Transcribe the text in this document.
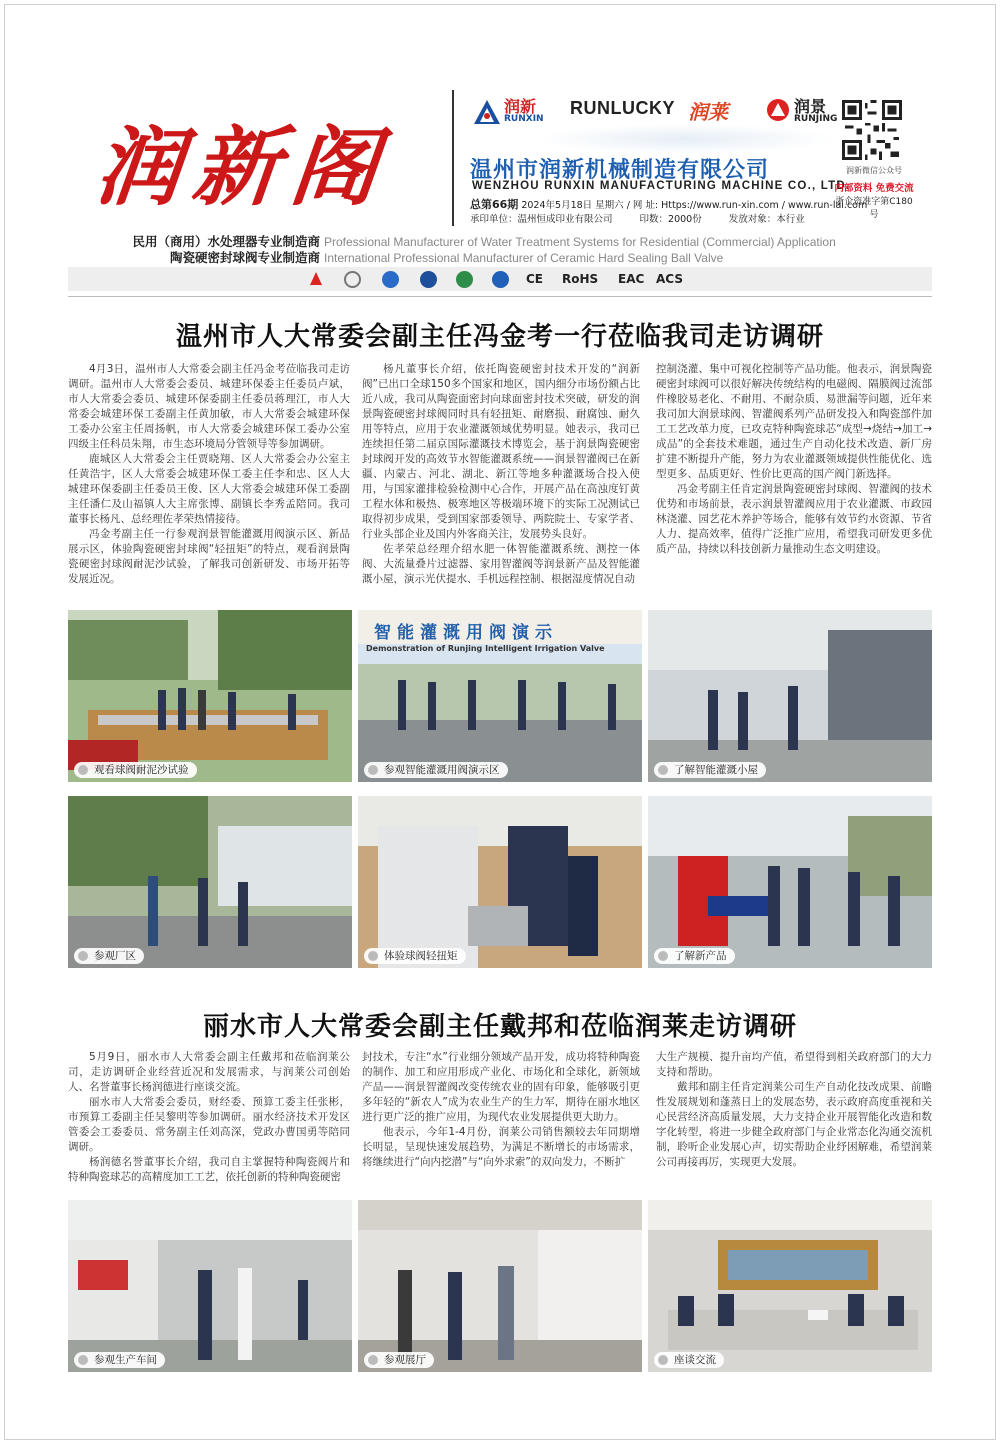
润新阁
润新
RUNXIN
RUNLUCKY 润莱	润景
RUNJING
温州市润新机械制造有限公司
WENZHOU RUNXIN MANUFACTURING MACHINE CO., LTD.
总第66期 2024年5月18日 星期六 / 网 址: Https://www.run-xin.com / www.run-lai.com
承印单位：温州恒成印业有限公司	印数：2000份	发放对象：本行业
润新微信公众号
内部资料 免费交流
浙企资准字第C180号
民用（商用）水处理器专业制造商
陶瓷硬密封球阀专业制造商
Professional Manufacturer of Water Treatment Systems for Residential (Commercial) Application
International Professional Manufacturer of Ceramic Hard Sealing Ball Valve
CE RoHS EAC ACS
温州市人大常委会副主任冯金考一行莅临我司走访调研

4月3日，温州市人大常委会副主任冯金考莅临我司走访调研。温州市人大常委会委员、城建环保委主任委员卢斌，市人大常委会委员、城建环保委副主任委员蒋理江，市人大常委会城建环保工委副主任黄加敏，市人大常委会城建环保工委办公室主任周扬帆，市人大常委会城建环保工委办公室四级主任科员朱翔，市生态环境局分管领导等参加调研。

鹿城区人大常委会主任贾晓翔、区人大常委会办公室主任黄浩宇，区人大常委会城建环保工委主任李和忠、区人大城建环保委副主任委员王俊、区人大常委会城建环保工委副主任潘仁及山福镇人大主席张博、副镇长李秀孟陪同。我司董事长杨凡、总经理佐孝荣热情接待。

冯金考副主任一行参观润景智能灌溉用阀演示区、新品展示区，体验陶瓷硬密封球阀“轻扭矩”的特点，观看润景陶瓷硬密封球阀耐泥沙试验，了解我司创新研发、市场开拓等发展近况。

杨凡董事长介绍，依托陶瓷硬密封技术开发的“润新阀”已出口全球150多个国家和地区，国内细分市场份额占比近八成，我司从陶瓷面密封向球面密封技术突破，研发的润景陶瓷硬密封球阀同时具有轻扭矩、耐磨损、耐腐蚀、耐久用等特点，应用于农业灌溉领域优势明显。她表示，我司已连续担任第二届京国际灌溉技术博览会，基于润景陶瓷硬密封球阀开发的高效节水智能灌溉系统——润景智灌阀已在新疆、内蒙古、河北、湖北、新江等地多种灌溉场合投入使用，与国家灌排检验检测中心合作，开展产品在高浊度钉黄工程水体和极热、极寒地区等极端环境下的实际工况测试已取得初步成果，受到国家部委领导、两院院士、专家学者、行业头部企业及国内外客商关注，发展势头良好。

佐孝荣总经理介绍水肥一体智能灌溉系统、测控一体阀、大流量叠片过滤器、家用智灌阀等润景新产品及智能灌溉小屋，演示光伏提水、手机远程控制、根据湿度情况自动

控制浇灌、集中可视化控制等产品功能。他表示，润景陶瓷硬密封球阀可以很好解决传统结构的电磁阀、隔膜阀过流部件橡胶易老化、不耐用、不耐杂质、易泄漏等问题，近年来我司加大润景球阀、智灌阀系列产品研发投入和陶瓷部件加工工艺改革力度，已攻克特种陶瓷球芯“成型→烧结→加工→成品”的全套技术难题，通过生产自动化技术改造、新厂房扩建不断提升产能，努力为农业灌溉领域提供性能优化、选型更多、品质更好、性价比更高的国产阀门新选择。

冯金考副主任肯定润景陶瓷硬密封球阀、智灌阀的技术优势和市场前景，表示润景智灌阀应用于农业灌溉、市政园林浇灌、园艺花木养护等场合，能够有效节约水资源、节省人力、提高效率，值得广泛推广应用，希望我司研发更多优质产品，持续以科技创新力量推动生态文明建设。

观看球阀耐泥沙试验
智能灌溉用阀演示
Demonstration of Runjing Intelligent Irrigation Valve
参观智能灌溉用阀演示区	了解智能灌溉小屋
参观厂区	体验球阀轻扭矩	了解新产品
丽水市人大常委会副主任戴邦和莅临润莱走访调研

5月9日，丽水市人大常委会副主任戴邦和莅临润莱公司，走访调研企业经营近况和发展需求，与润莱公司创始人、名誉董事长杨润德进行座谈交流。

丽水市人大常委会委员，财经委、预算工委主任张彬，市预算工委副主任吴黎明等参加调研。丽水经济技术开发区管委会工委委员、常务副主任刘高深，党政办曹国勇等陪同调研。

杨润德名誉董事长介绍，我司自主掌握特种陶瓷阀片和特种陶瓷球芯的高精度加工工艺，依托创新的特种陶瓷硬密

封技术，专注“水”行业细分领域产品开发，成功将特种陶瓷的制作、加工和应用形成产业化、市场化和全球化，新领域产品——润景智灌阀改变传统农业的固有印象，能够吸引更多年轻的“新农人”成为农业生产的生力军，期待在丽水地区进行更广泛的推广应用，为现代农业发展提供更大助力。

他表示，今年1-4月份，润莱公司销售额较去年同期增长明显，呈现快速发展趋势，为满足不断增长的市场需求，将继续进行“向内挖潜”与“向外求索”的双向发力，不断扩

大生产规模、提升亩均产值，希望得到相关政府部门的大力支持和帮助。

戴邦和副主任肯定润莱公司生产自动化技改成果、前瞻性发展规划和蓬蒸日上的发展态势，表示政府高度重视和关心民营经济高质量发展，大力支持企业开展智能化改造和数字化转型，将进一步健全政府部门与企业常态化沟通交流机制，聆听企业发展心声，切实帮助企业纾困解难，希望润莱公司再接再厉，实现更大发展。

参观生产车间	参观展厅	座谈交流
